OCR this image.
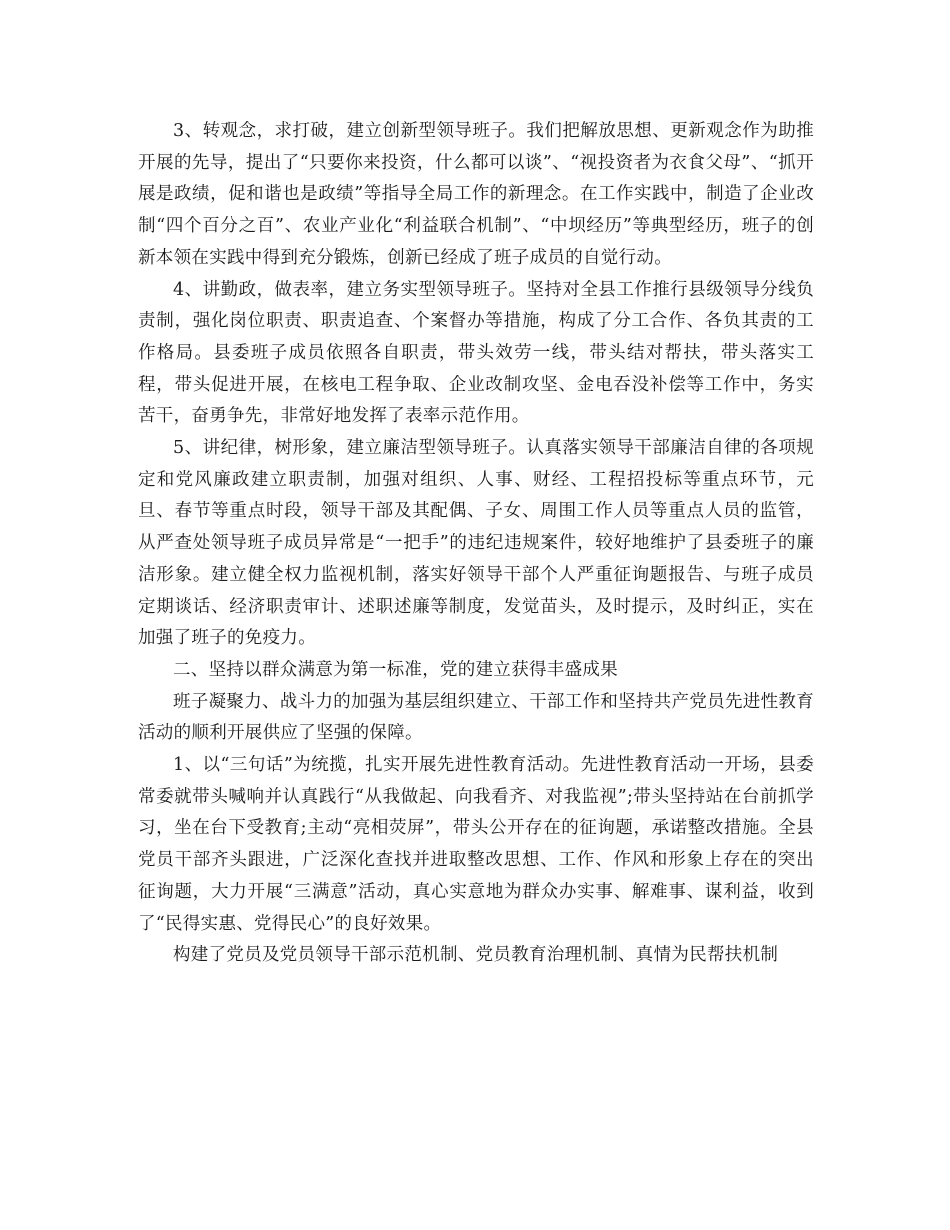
3、转观念，求打破，建立创新型领导班子。我们把解放思想、更新观念作为助推开展的先导，提出了“只要你来投资，什么都可以谈”、“视投资者为衣食父母”、“抓开展是政绩，促和谐也是政绩”等指导全局工作的新理念。在工作实践中，制造了企业改制“四个百分之百”、农业产业化“利益联合机制”、“中坝经历”等典型经历，班子的创新本领在实践中得到充分锻炼，创新已经成了班子成员的自觉行动。

4、讲勤政，做表率，建立务实型领导班子。坚持对全县工作推行县级领导分线负责制，强化岗位职责、职责追查、个案督办等措施，构成了分工合作、各负其责的工作格局。县委班子成员依照各自职责，带头效劳一线，带头结对帮扶，带头落实工程，带头促进开展，在核电工程争取、企业改制攻坚、金电吞没补偿等工作中，务实苦干，奋勇争先，非常好地发挥了表率示范作用。

5、讲纪律，树形象，建立廉洁型领导班子。认真落实领导干部廉洁自律的各项规定和党风廉政建立职责制，加强对组织、人事、财经、工程招投标等重点环节，元旦、春节等重点时段，领导干部及其配偶、子女、周围工作人员等重点人员的监管，从严查处领导班子成员异常是“一把手”的违纪违规案件，较好地维护了县委班子的廉洁形象。建立健全权力监视机制，落实好领导干部个人严重征询题报告、与班子成员定期谈话、经济职责审计、述职述廉等制度，发觉苗头，及时提示，及时纠正，实在加强了班子的免疫力。

二、坚持以群众满意为第一标准，党的建立获得丰盛成果

班子凝聚力、战斗力的加强为基层组织建立、干部工作和坚持共产党员先进性教育活动的顺利开展供应了坚强的保障。

1、以“三句话”为统揽，扎实开展先进性教育活动。先进性教育活动一开场，县委常委就带头喊响并认真践行“从我做起、向我看齐、对我监视”;带头坚持站在台前抓学习，坐在台下受教育;主动“亮相荧屏”，带头公开存在的征询题，承诺整改措施。全县党员干部齐头跟进，广泛深化查找并进取整改思想、工作、作风和形象上存在的突出征询题，大力开展“三满意”活动，真心实意地为群众办实事、解难事、谋利益，收到了“民得实惠、党得民心”的良好效果。

构建了党员及党员领导干部示范机制、党员教育治理机制、真情为民帮扶机制
